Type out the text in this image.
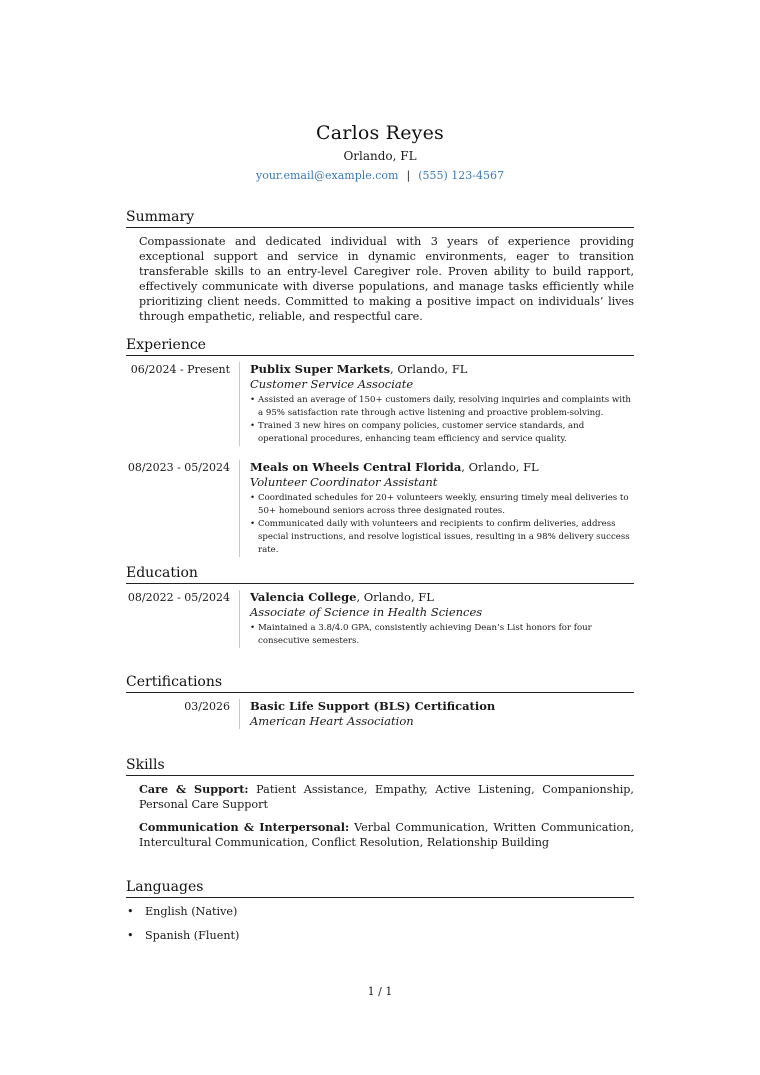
Carlos Reyes
Orlando, FL
your.email@example.com | (555) 123-4567
Summary
Compassionate and dedicated individual with 3 years of experience providing exceptional support and service in dynamic environments, eager to transition transferable skills to an entry-level Caregiver role. Proven ability to build rapport, effectively communicate with diverse populations, and manage tasks efficiently while prioritizing client needs. Committed to making a positive impact on individuals’ lives through empathetic, reliable, and respectful care.
Experience
06/2024 - Present	Publix Super Markets, Orlando, FL
Customer Service Associate
• Assisted an average of 150+ customers daily, resolving inquiries and complaints with a 95% satisfaction rate through active listening and proactive problem-solving.
• Trained 3 new hires on company policies, customer service standards, and operational procedures, enhancing team efficiency and service quality.
08/2023 - 05/2024	Meals on Wheels Central Florida, Orlando, FL
Volunteer Coordinator Assistant
• Coordinated schedules for 20+ volunteers weekly, ensuring timely meal deliveries to 50+ homebound seniors across three designated routes.
• Communicated daily with volunteers and recipients to confirm deliveries, address special instructions, and resolve logistical issues, resulting in a 98% delivery success rate.
Education
08/2022 - 05/2024	Valencia College, Orlando, FL
Associate of Science in Health Sciences
• Maintained a 3.8/4.0 GPA, consistently achieving Dean’s List honors for four consecutive semesters.
Certifications
03/2026	Basic Life Support (BLS) Certification
American Heart Association
Skills
Care & Support: Patient Assistance, Empathy, Active Listening, Companionship, Personal Care Support
Communication & Interpersonal: Verbal Communication, Written Communication, Intercultural Communication, Conflict Resolution, Relationship Building
Languages
• English (Native)
• Spanish (Fluent)
1 / 1
